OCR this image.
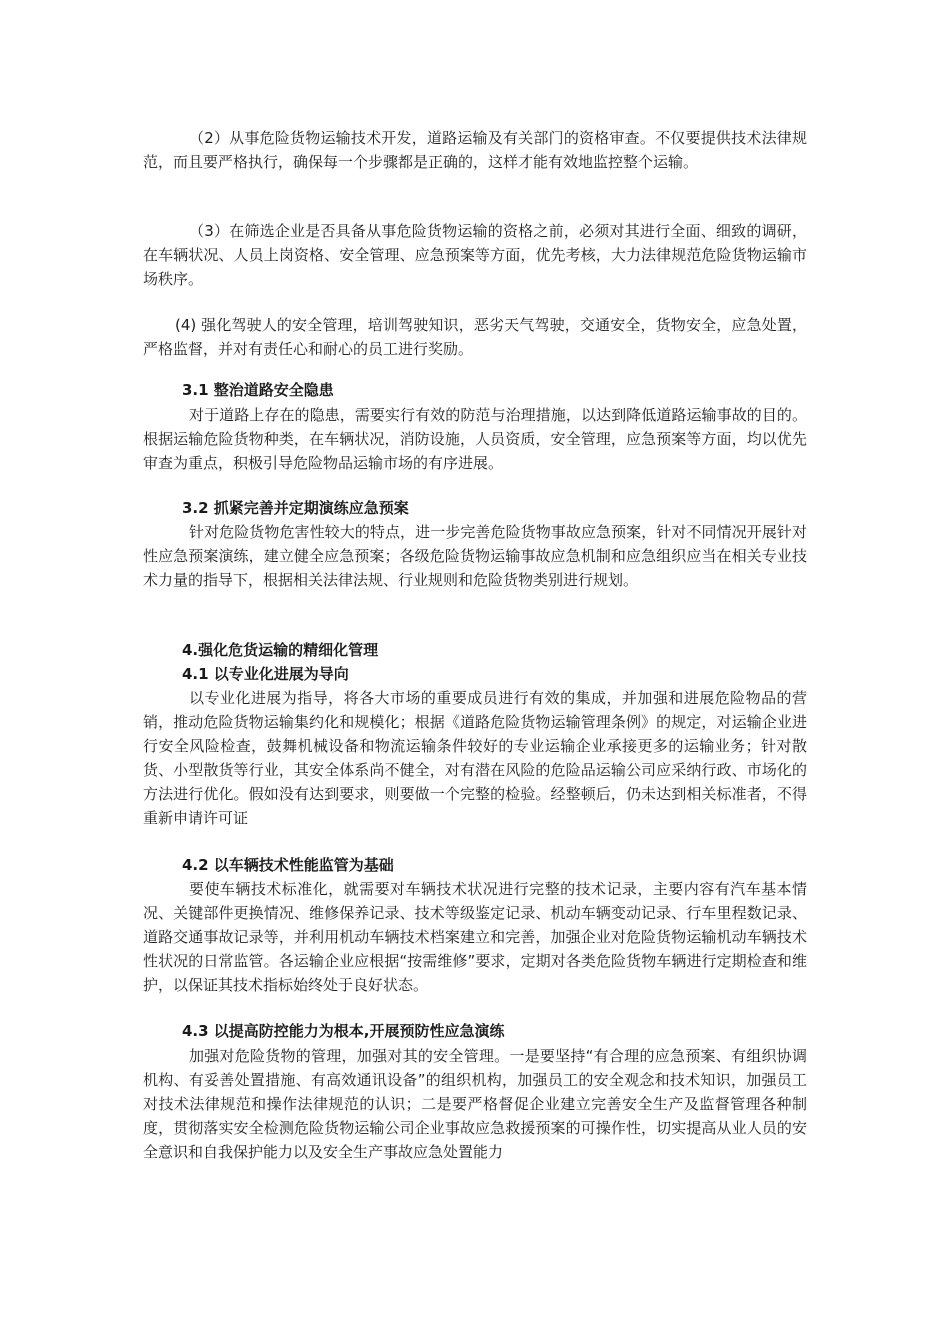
（2）从事危险货物运输技术开发，道路运输及有关部门的资格审查。不仅要提供技术法律规范，而且要严格执行，确保每一个步骤都是正确的，这样才能有效地监控整个运输。

（3）在筛选企业是否具备从事危险货物运输的资格之前，必须对其进行全面、细致的调研，在车辆状况、人员上岗资格、安全管理、应急预案等方面，优先考核，大力法律规范危险货物运输市场秩序。

(4) 强化驾驶人的安全管理，培训驾驶知识，恶劣天气驾驶，交通安全，货物安全，应急处置，严格监督，并对有责任心和耐心的员工进行奖励。

3.1 整治道路安全隐患

对于道路上存在的隐患，需要实行有效的防范与治理措施，以达到降低道路运输事故的目的。根据运输危险货物种类，在车辆状况，消防设施，人员资质，安全管理，应急预案等方面，均以优先审查为重点，积极引导危险物品运输市场的有序进展。

3.2 抓紧完善并定期演练应急预案

针对危险货物危害性较大的特点，进一步完善危险货物事故应急预案，针对不同情况开展针对性应急预案演练，建立健全应急预案；各级危险货物运输事故应急机制和应急组织应当在相关专业技术力量的指导下，根据相关法律法规、行业规则和危险货物类别进行规划。

4.强化危货运输的精细化管理
4.1 以专业化进展为导向

以专业化进展为指导，将各大市场的重要成员进行有效的集成，并加强和进展危险物品的营销，推动危险货物运输集约化和规模化；根据《道路危险货物运输管理条例》的规定，对运输企业进行安全风险检查，鼓舞机械设备和物流运输条件较好的专业运输企业承接更多的运输业务；针对散货、小型散货等行业，其安全体系尚不健全，对有潜在风险的危险品运输公司应采纳行政、市场化的方法进行优化。假如没有达到要求，则要做一个完整的检验。经整顿后，仍未达到相关标准者，不得重新申请许可证

4.2 以车辆技术性能监管为基础

要使车辆技术标准化，就需要对车辆技术状况进行完整的技术记录，主要内容有汽车基本情况、关键部件更换情况、维修保养记录、技术等级鉴定记录、机动车辆变动记录、行车里程数记录、道路交通事故记录等，并利用机动车辆技术档案建立和完善，加强企业对危险货物运输机动车辆技术性状况的日常监管。各运输企业应根据“按需维修”要求，定期对各类危险货物车辆进行定期检查和维护，以保证其技术指标始终处于良好状态。

4.3 以提高防控能力为根本,开展预防性应急演练

加强对危险货物的管理，加强对其的安全管理。一是要坚持“有合理的应急预案、有组织协调机构、有妥善处置措施、有高效通讯设备”的组织机构，加强员工的安全观念和技术知识，加强员工对技术法律规范和操作法律规范的认识；二是要严格督促企业建立完善安全生产及监督管理各种制度，贯彻落实安全检测危险货物运输公司企业事故应急救援预案的可操作性，切实提高从业人员的安全意识和自我保护能力以及安全生产事故应急处置能力
